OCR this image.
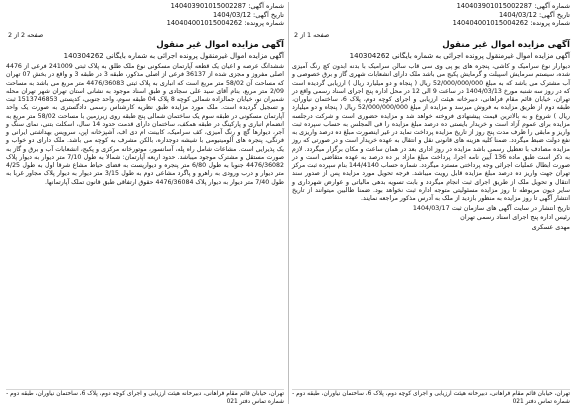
شماره آگهی: 140403901015002287
تاریخ آگهی: 1404/03/12
شماره پرونده: 140404001015004262
صفحه 1 از 2
آگهی مزایده اموال غیر منقول
آگهی مزایده اموال غیرمنقول پرونده اجرائی به شماره بایگانی 140304262
دیوارار نوع سرامیک و کاشی، پنجره های یو پی وی سی قاب سالن سرامیک با بدنه ابدون کچ رنگ آمیزی شده، سیستم سرمایش اسپیلت و گرمایش پکیج می باشد ملک دارای انشعابات شهری گاز و برق خصوصی و آب مشترک می باشد که به مبلغ 52/000/000/000 ریال ( پنجاه و دو میلیارد ریال ) ارزیابی گردیده است که در روز سه شنبه مورخ 1404/03/13 در ساعت 9 الی 12 در محل اداره پنج اجرای اسناد رسمی واقع در تهران، خیابان قائم مقام فراهانی، دبیرخانه هیئت ارزیابی و اجرای کوچه دوم، پلاک 6، ساختمان نیاوران، طبقه دوم از طریق مزایده به فروش میرسد و مزایده از مبلغ 52/000/000/000 ریال ( پنجاه و دو میلیارد ریال ) شروع و به بالاترین قیمت پیشنهادی فروخته خواهد شد و مزایده حضوری است و شرکت درجلسه مزایده برای عموم آزاد است و خریدار بایستی ده درصد مبلغ مزایده را فی المجلس به حساب سپرده ثبت واریز و مابقی را ظرف مدت پنج روز از تاریخ مزایده پرداخت نماید در غیر اینصورت مبلغ ده درصد واریزی به نفع دولت ضبط میگردد. ضمنا کلیه هزینه های قانونی نقل و انتقال به عهده خریدار است و در صورتی که روز مزایده مصادف با تعطیل رسمی باشد مزایده در روز اداری بعد در همان ساعت و مکان برگزار میگردد. لازم به ذکر است طبق ماده 136 آیین نامه اجرا، پرداخت مبلغ مازاد بر ده درصد به عهده متقاضی است و در صورت ابطال عملیات اجرائی وجه پرداختی مسترد میگردد. شماره حساب 144/4140 بنام سپرده ثبت مرکز تهران جهت واریز ده درصد مبلغ مزایده قابل رویت میباشد. فرجه تحویل مورد مزایده پس از صدور سند انتقال و تحویل ملک از طریق اجرای ثبت انجام میگردد و بابت تسویه بدهی مالیاتی و عوارض شهرداری و سایر دیون مربوطه تا روز مزایده مسئولیتی متوجه اداره ثبت نخواهد بود. ضمنا طالبین میتوانند از تاریخ انتشار آگهی تا روز مزایده به منظور بازدید از ملک به آدرس مذکور مراجعه نمایند.
تاریخ انتشار در سایت آگهی های سازمان ثبت 1404/03/17
رئیس اداره پنج اجرای اسناد رسمی تهران
مهدی عسکری
تهران، خیابان قائم مقام فراهانی، دبیرخانه هیئت ارزیابی و اجرای کوچه دوم، پلاک 6، ساختمان نیاوران، طبقه دوم - شماره تماس دفتر 021
شماره آگهی: 140403901015002287
تاریخ آگهی: 1404/03/12
شماره پرونده: 140404001015004262
صفحه 2 از 2
آگهی مزایده اموال غیر منقول
آگهی مزایده اموال غیرمنقول پرونده اجرائی به شماره بایگانی 140304262
ششدانگ عرصه و اعیان یک قطعه آپارتمان مسکونی نوع ملک طلق به پلاک ثبتی 241009 فرعی از 4476 اصلی مفروز و مجزی شده از 36137 فرعی از اصلی مذکور، طبقه 3 در طبقه 3 و واقع در بخش 07 تهران که مساحت آن 58/02 متر مربع است که انباری به پلاک ثبتی 4476/36083 متر مربع می باشد به مساحت 2/09 متر مربع، بنام آقای سید علی سجادی و طبق اسناد موجود به نشانی استان تهران شهر تهران محله شمیران نو، خیابان جمالزاده شمالی کوچه 8 پلاک 04 طبقه سوم، واحد جنوبی، کدپستی 1513746853 ثبت و تسجیل گردیده است. ملک مورد مزایده طبق نظریه کارشناس رسمی دادگستری به صورت یک واحد آپارتمان مسکونی در طبقه سوم یک ساختمان شمالی پنج طبقه روی زیرزمین با مساحت 58/02 متر مربع به انضمام انباری و پارکینگ در طبقه همکف، ساختمان دارای قدمت حدود 14 سال، اسکلت بتنی، نمای سنگ و آجر، دیوارها گچ و رنگ آمیزی، کف سرامیک، کابینت ام دی اف، آشپزخانه اپن، سرویس بهداشتی ایرانی و فرنگی، پنجره های آلومینیومی با شیشه دوجداره، بالکن مشرف به کوچه می باشد. ملک دارای دو خواب و یک پذیرایی است. مشاعات شامل راه پله، آسانسور، موتورخانه مرکزی و پکیج، انشعابات آب و برق و گاز به صورت مستقل و مشترک موجود میباشد. حدود اربعه آپارتمان: شمالا به طول 7/10 متر دیوار به دیوار پلاک 4476/36082 جنوبا به طول 6/80 متر پنجره و دیواریست به فضای حیاط مشاع شرقا اول به طول 4/25 متر دیوار و درب ورودی به راهرو و پاگرد مشاعی دوم به طول 3/15 متر دیوار به دیوار پلاک مجاور غربا به طول 7/40 متر دیوار به دیوار پلاک 4476/36084 حقوق ارتفاقی طبق قانون تملک آپارتمانها.
تهران، خیابان قائم مقام فراهانی، دبیرخانه هیئت ارزیابی و اجرای کوچه دوم، پلاک 6، ساختمان نیاوران، طبقه دوم - شماره تماس دفتر 021
